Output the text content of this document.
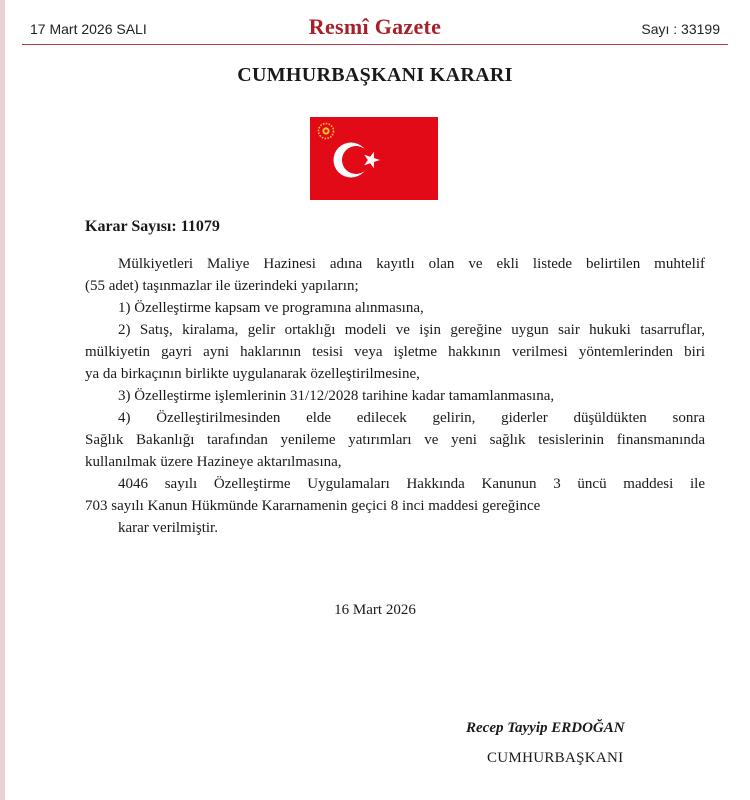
17 Mart 2026 SALI	Resmî Gazete	Sayı : 33199
CUMHURBAŞKANI KARARI
Karar Sayısı: 11079

Mülkiyetleri Maliye Hazinesi adına kayıtlı olan ve ekli listede belirtilen muhtelif

(55 adet) taşınmazlar ile üzerindeki yapıların;

1) Özelleştirme kapsam ve programına alınmasına,

2) Satış, kiralama, gelir ortaklığı modeli ve işin gereğine uygun sair hukuki tasarruflar,

mülkiyetin gayri ayni haklarının tesisi veya işletme hakkının verilmesi yöntemlerinden biri

ya da birkaçının birlikte uygulanarak özelleştirilmesine,

3) Özelleştirme işlemlerinin 31/12/2028 tarihine kadar tamamlanmasına,

4) Özelleştirilmesinden elde edilecek gelirin, giderler düşüldükten sonra

Sağlık Bakanlığı tarafından yenileme yatırımları ve yeni sağlık tesislerinin finansmanında

kullanılmak üzere Hazineye aktarılmasına,

4046 sayılı Özelleştirme Uygulamaları Hakkında Kanunun 3 üncü maddesi ile

703 sayılı Kanun Hükmünde Kararnamenin geçici 8 inci maddesi gereğince

karar verilmiştir.

16 Mart 2026
Recep Tayyip ERDOĞAN
CUMHURBAŞKANI
